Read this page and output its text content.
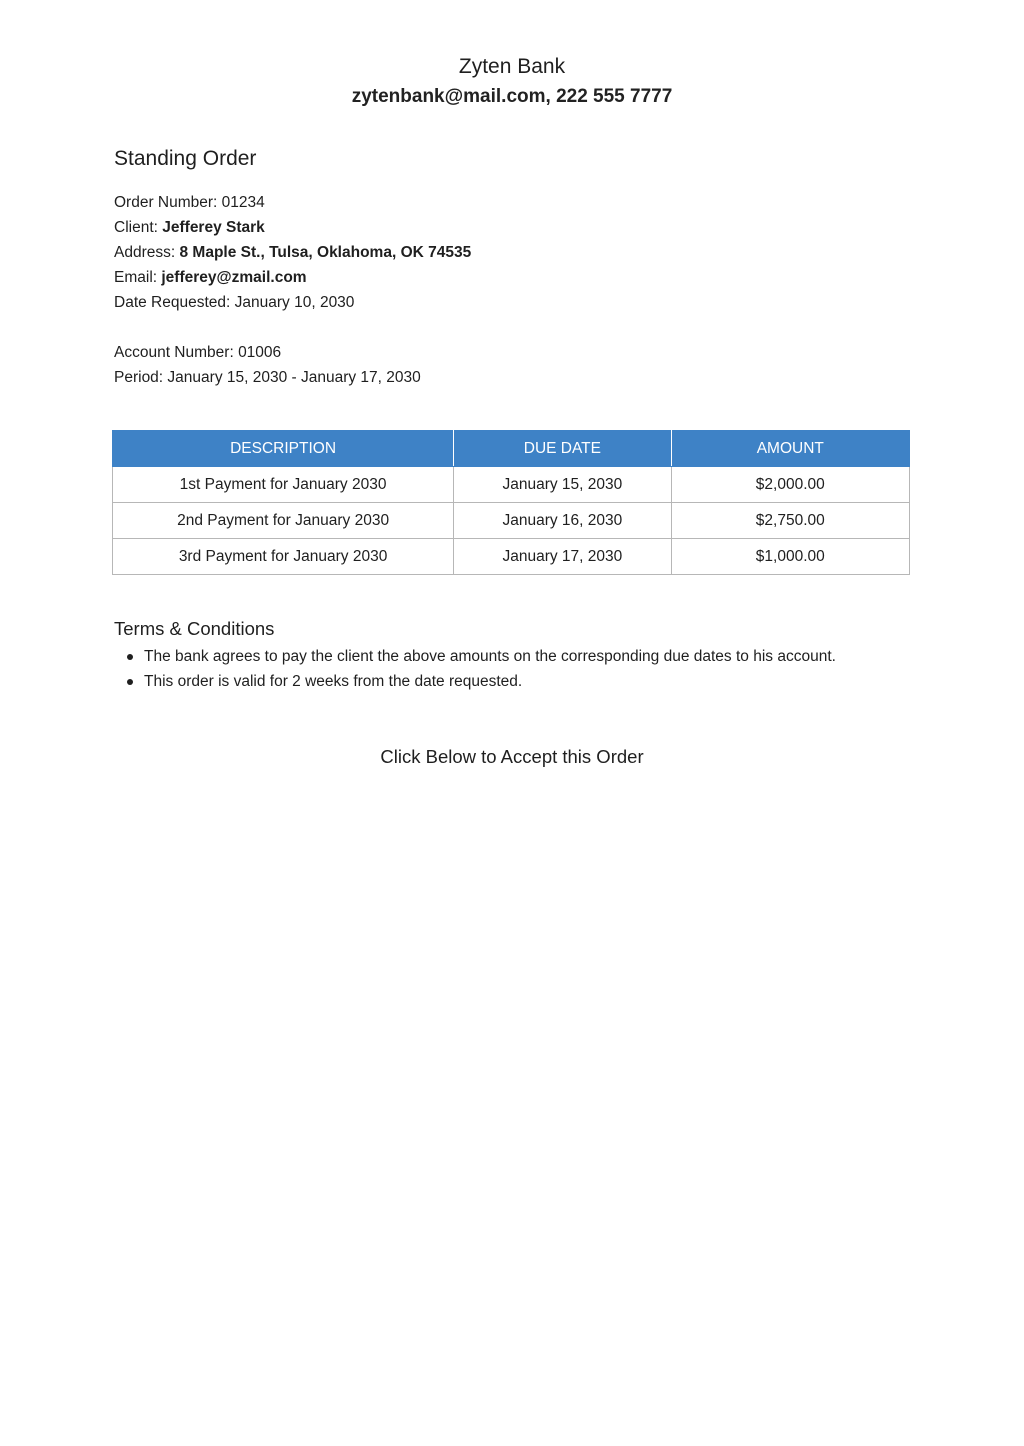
Zyten Bank
zytenbank@mail.com, 222 555 7777
Standing Order
Order Number: 01234
Client: Jefferey Stark
Address: 8 Maple St., Tulsa, Oklahoma, OK 74535
Email: jefferey@zmail.com
Date Requested: January 10, 2030
Account Number: 01006
Period: January 15, 2030 - January 17, 2030
DESCRIPTION	DUE DATE	AMOUNT
1st Payment for January 2030	January 15, 2030	$2,000.00
2nd Payment for January 2030	January 16, 2030	$2,750.00
3rd Payment for January 2030	January 17, 2030	$1,000.00
Terms & Conditions
The bank agrees to pay the client the above amounts on the corresponding due dates to his account.
This order is valid for 2 weeks from the date requested.
Click Below to Accept this Order
